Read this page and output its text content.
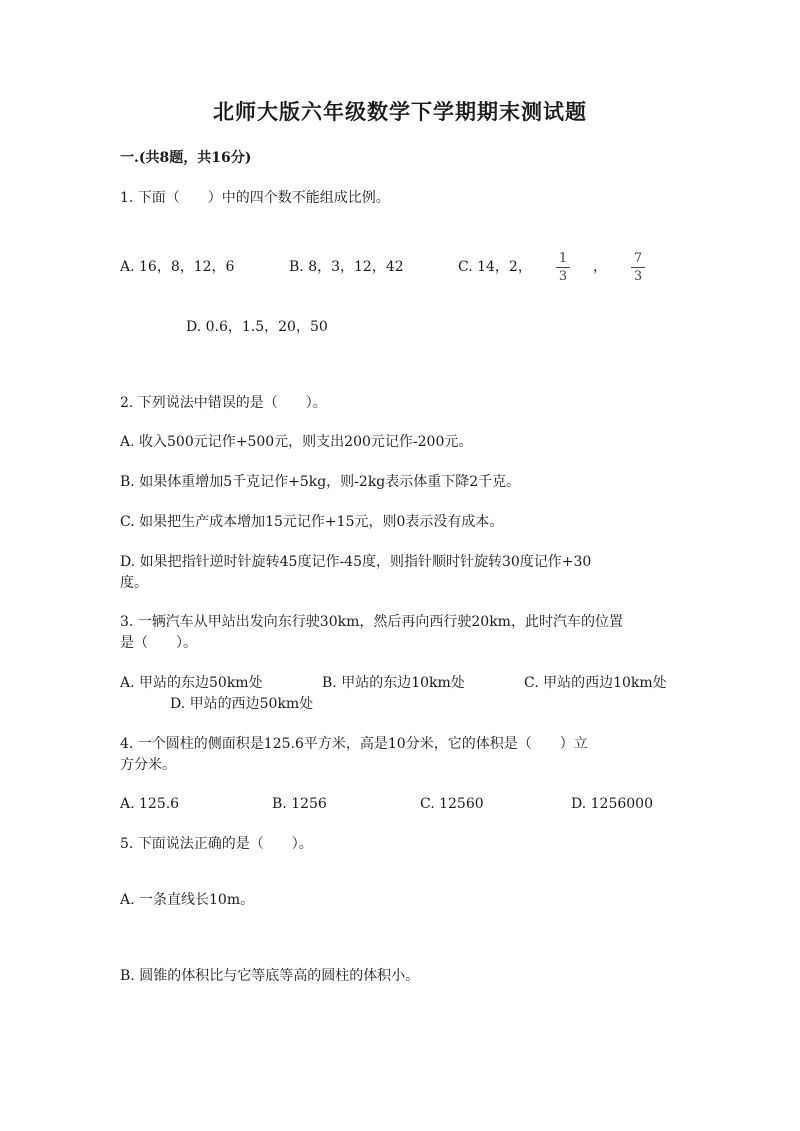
北师大版六年级数学下学期期末测试题
一.(共8题，共16分)
1. 下面（　　）中的四个数不能组成比例。
A. 16，8，12，6	B. 8，3，12，42	C. 14，2，
1
3
，
7
3
D. 0.6，1.5，20，50
2. 下列说法中错误的是（　　）。
A. 收入500元记作+500元，则支出200元记作-200元。
B. 如果体重增加5千克记作+5kg，则-2kg表示体重下降2千克。
C. 如果把生产成本增加15元记作+15元，则0表示没有成本。
D. 如果把指针逆时针旋转45度记作-45度，则指针顺时针旋转30度记作+30
度。
3. 一辆汽车从甲站出发向东行驶30km，然后再向西行驶20km，此时汽车的位置
是（　　）。
A. 甲站的东边50km处	B. 甲站的东边10km处	C. 甲站的西边10km处
D. 甲站的西边50km处
4. 一个圆柱的侧面积是125.6平方米，高是10分米，它的体积是（　　）立
方分米。
A. 125.6	B. 1256	C. 12560	D. 1256000
5. 下面说法正确的是（　　）。
A. 一条直线长10m。
B. 圆锥的体积比与它等底等高的圆柱的体积小。
